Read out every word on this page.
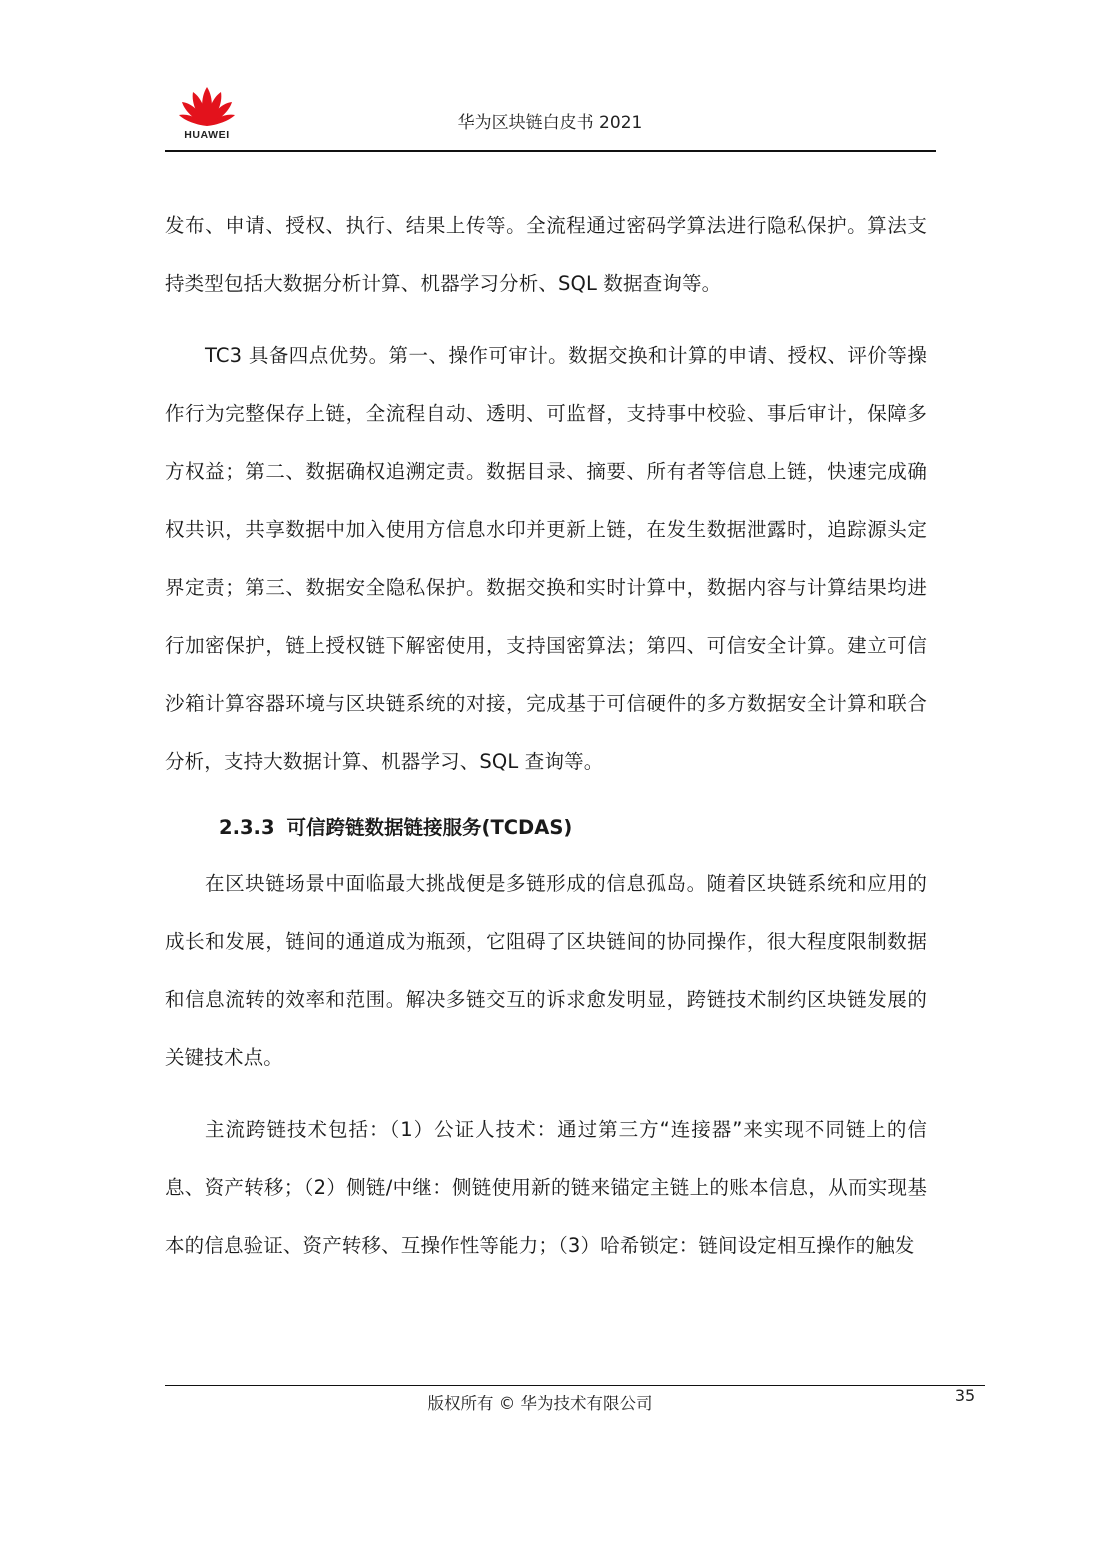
HUAWEI
华为区块链白皮书 2021

发布、申请、授权、执行、结果上传等。全流程通过密码学算法进行隐私保护。算法支持类型包括大数据分析计算、机器学习分析、SQL 数据查询等。

TC3 具备四点优势。第一、操作可审计。数据交换和计算的申请、授权、评价等操作行为完整保存上链，全流程自动、透明、可监督，支持事中校验、事后审计，保障多方权益；第二、数据确权追溯定责。数据目录、摘要、所有者等信息上链，快速完成确权共识，共享数据中加入使用方信息水印并更新上链，在发生数据泄露时，追踪源头定界定责；第三、数据安全隐私保护。数据交换和实时计算中，数据内容与计算结果均进行加密保护，链上授权链下解密使用，支持国密算法；第四、可信安全计算。建立可信沙箱计算容器环境与区块链系统的对接，完成基于可信硬件的多方数据安全计算和联合分析，支持大数据计算、机器学习、SQL 查询等。

2.3.3 可信跨链数据链接服务(TCDAS)

在区块链场景中面临最大挑战便是多链形成的信息孤岛。随着区块链系统和应用的成长和发展，链间的通道成为瓶颈，它阻碍了区块链间的协同操作，很大程度限制数据和信息流转的效率和范围。解决多链交互的诉求愈发明显，跨链技术制约区块链发展的关键技术点。

主流跨链技术包括：（1）公证人技术：通过第三方“连接器”来实现不同链上的信息、资产转移；（2）侧链/中继：侧链使用新的链来锚定主链上的账本信息，从而实现基本的信息验证、资产转移、互操作性等能力；（3）哈希锁定：链间设定相互操作的触发

版权所有 © 华为技术有限公司	35
